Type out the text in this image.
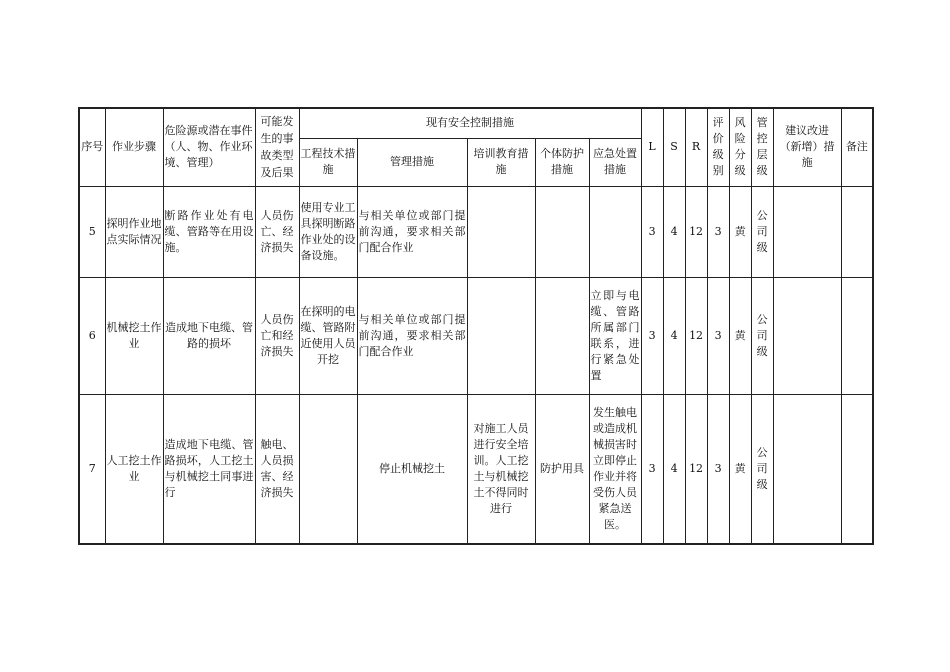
序号	作业步骤	危险源或潜在事件（人、物、作业环境、管理）	可能发生的事故类型及后果	现有安全控制措施					L	S	R	评价级别	风险分级	管控层级	建议改进（新增）措施	备注
				工程技术措施	管理措施	培训教育措施	个体防护措施	应急处置措施								
5	探明作业地点实际情况	断路作业处有电缆、管路等在用设施。	人员伤亡、经济损失	使用专业工具探明断路作业处的设备设施。	与相关单位或部门提前沟通，要求相关部门配合作业				3	4	12	3	黄	公司级		
6	机械挖土作业	造成地下电缆、管路的损坏	人员伤亡和经济损失	在探明的电缆、管路附近使用人员开挖	与相关单位或部门提前沟通，要求相关部门配合作业			立即与电缆、管路所属部门联系，进行紧急处置	3	4	12	3	黄	公司级		
7	人工挖土作业	造成地下电缆、管路损坏，人工挖土与机械挖土同事进行	触电、人员损害、经济损失		停止机械挖土	对施工人员进行安全培训。人工挖土与机械挖土不得同时进行	防护用具	发生触电或造成机械损害时立即停止作业并将受伤人员紧急送医。	3	4	12	3	黄	公司级		
